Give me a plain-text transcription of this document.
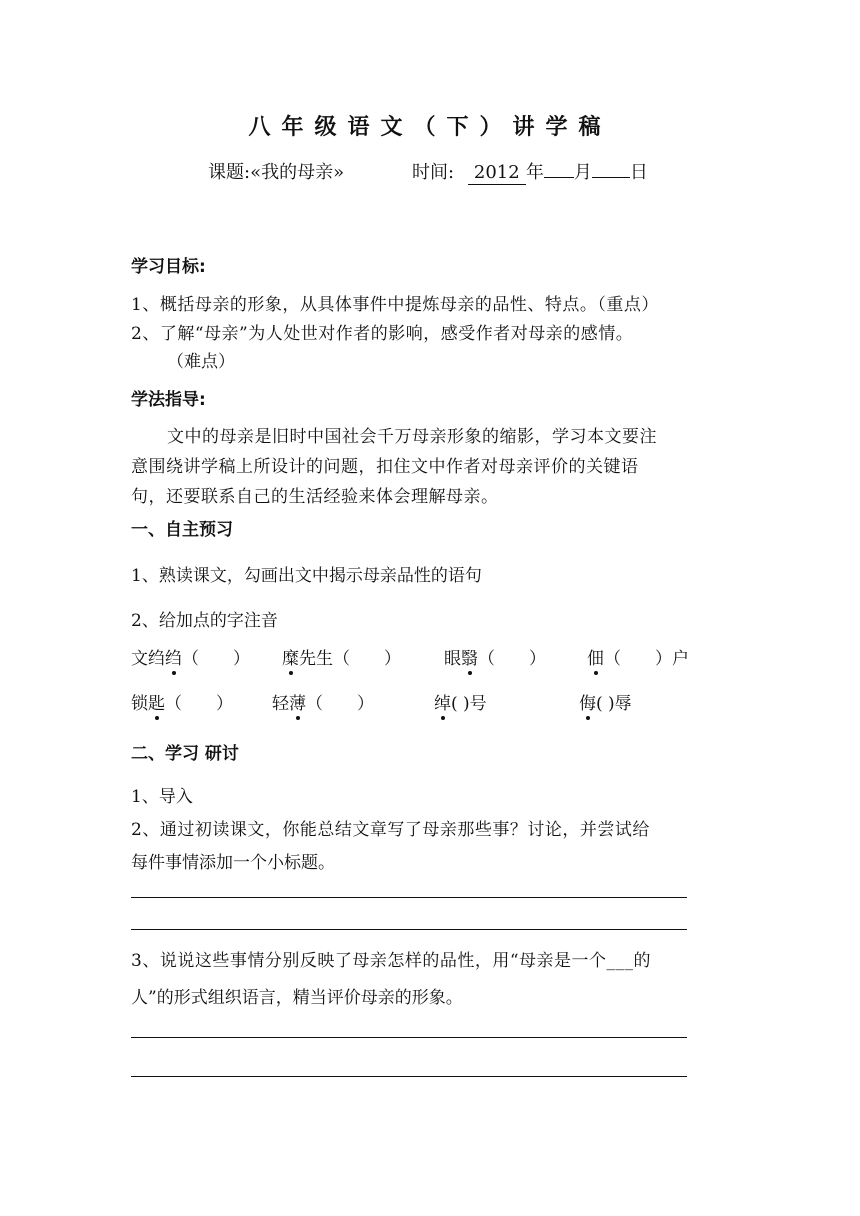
八年级语文（下）讲学稿
课题:«我的母亲»	时间: 2012 年 月 日
学习目标:
1、概括母亲的形象，从具体事件中提炼母亲的品性、特点。（重点）
2、了解“母亲”为人处世对作者的影响，感受作者对母亲的感情。
（难点）
学法指导:
文中的母亲是旧时中国社会千万母亲形象的缩影，学习本文要注
意围绕讲学稿上所设计的问题，扣住文中作者对母亲评价的关键语
句，还要联系自己的生活经验来体会理解母亲。
一、自主预习
1、熟读课文，勾画出文中揭示母亲品性的语句
2、给加点的字注音
文绉绉（　　） 糜先生（　　）	眼翳（　　） 佃（　　）户
锁匙（　　） 轻薄（　　）	绰( )号	侮( )辱
二、学习 研讨
1、导入
2、通过初读课文，你能总结文章写了母亲那些事？讨论，并尝试给
每件事情添加一个小标题。
3、说说这些事情分别反映了母亲怎样的品性，用“母亲是一个___的
人”的形式组织语言，精当评价母亲的形象。
